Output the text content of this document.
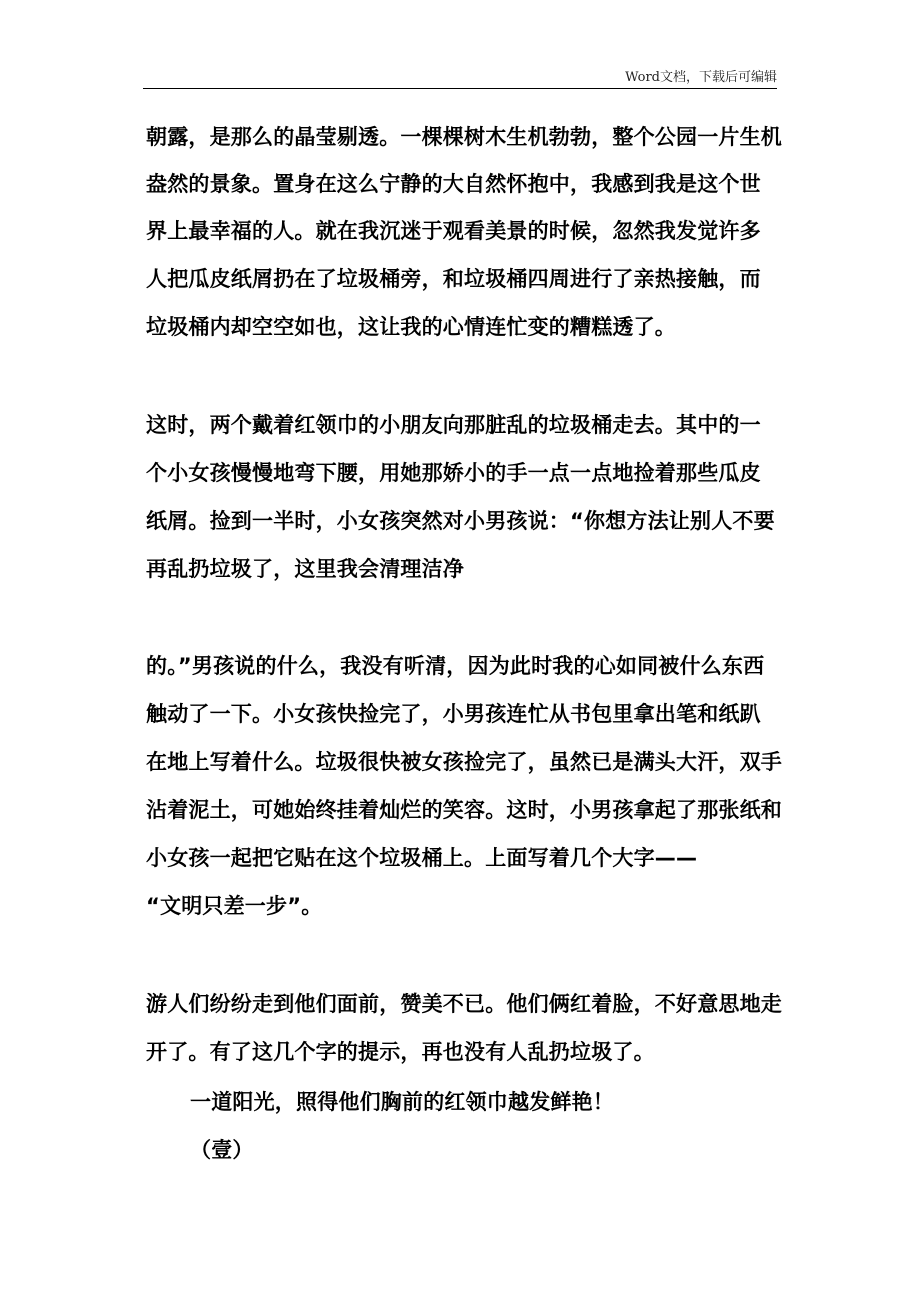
Word文档，下载后可编辑
朝露，是那么的晶莹剔透。一棵棵树木生机勃勃，整个公园一片生机
盎然的景象。置身在这么宁静的大自然怀抱中，我感到我是这个世
界上最幸福的人。就在我沉迷于观看美景的时候，忽然我发觉许多
人把瓜皮纸屑扔在了垃圾桶旁，和垃圾桶四周进行了亲热接触，而
垃圾桶内却空空如也，这让我的心情连忙变的糟糕透了。
这时，两个戴着红领巾的小朋友向那脏乱的垃圾桶走去。其中的一
个小女孩慢慢地弯下腰，用她那娇小的手一点一点地捡着那些瓜皮
纸屑。捡到一半时，小女孩突然对小男孩说：“你想方法让别人不要
再乱扔垃圾了，这里我会清理洁净
的。”男孩说的什么，我没有听清，因为此时我的心如同被什么东西
触动了一下。小女孩快捡完了，小男孩连忙从书包里拿出笔和纸趴
在地上写着什么。垃圾很快被女孩捡完了，虽然已是满头大汗，双手
沾着泥土，可她始终挂着灿烂的笑容。这时，小男孩拿起了那张纸和
小女孩一起把它贴在这个垃圾桶上。上面写着几个大字——
“文明只差一步”。
游人们纷纷走到他们面前，赞美不已。他们俩红着脸，不好意思地走
开了。有了这几个字的提示，再也没有人乱扔垃圾了。
一道阳光，照得他们胸前的红领巾越发鲜艳！
（壹）
